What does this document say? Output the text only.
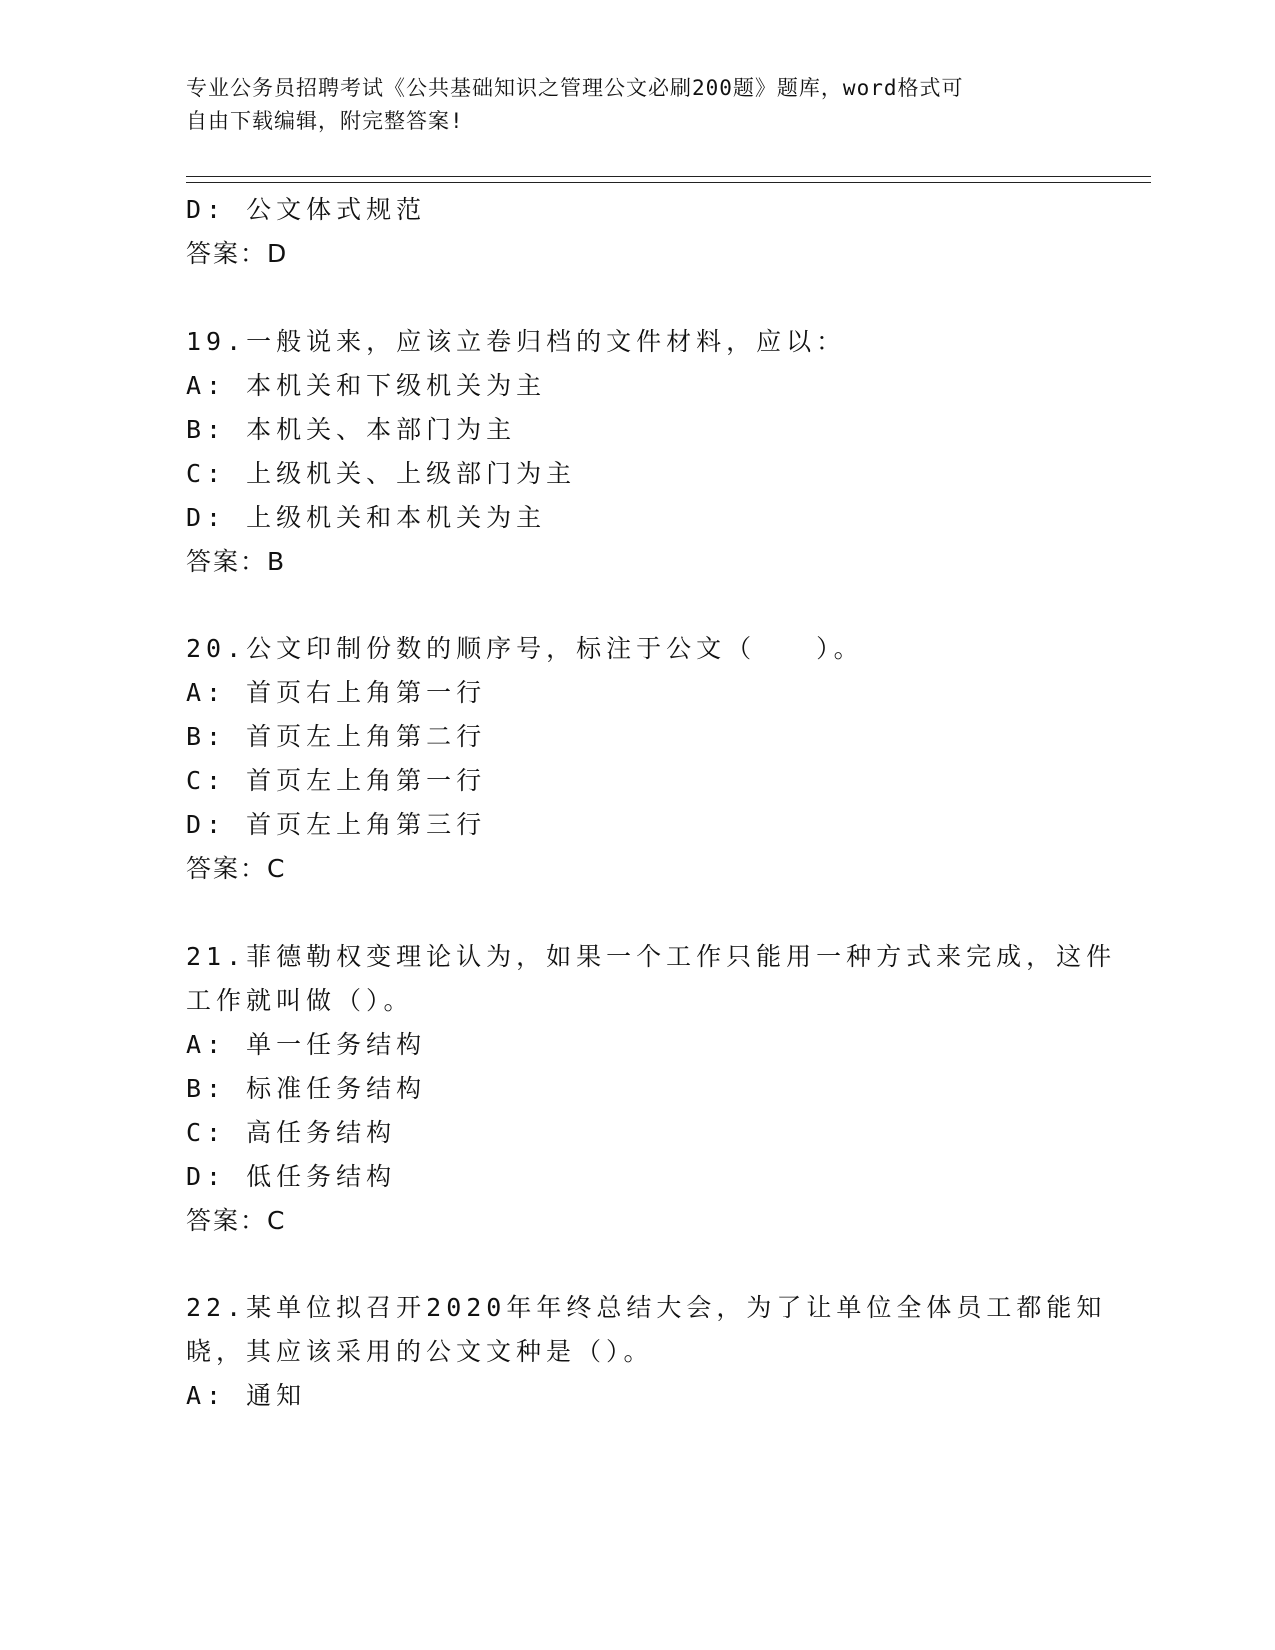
专业公务员招聘考试《公共基础知识之管理公文必刷200题》题库，word格式可
自由下载编辑，附完整答案!
D: 公文体式规范
答案：D
19.一般说来，应该立卷归档的文件材料，应以：
A: 本机关和下级机关为主
B: 本机关、本部门为主
C: 上级机关、上级部门为主
D: 上级机关和本机关为主
答案：B
20.公文印制份数的顺序号，标注于公文（　　）。
A: 首页右上角第一行
B: 首页左上角第二行
C: 首页左上角第一行
D: 首页左上角第三行
答案：C
21.菲德勒权变理论认为，如果一个工作只能用一种方式来完成，这件
工作就叫做（）。
A: 单一任务结构
B: 标准任务结构
C: 高任务结构
D: 低任务结构
答案：C
22.某单位拟召开2020年年终总结大会，为了让单位全体员工都能知
晓，其应该采用的公文文种是（）。
A: 通知
